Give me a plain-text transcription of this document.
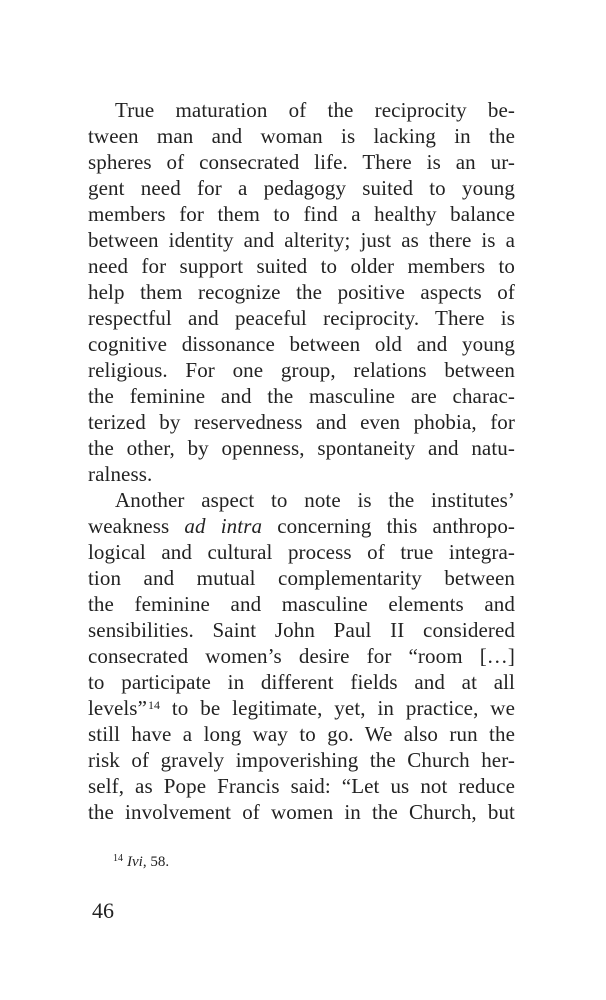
True maturation of the reciprocity be-
tween man and woman is lacking in the
spheres of consecrated life. There is an ur-
gent need for a pedagogy suited to young
members for them to find a healthy balance
between identity and alterity; just as there is a
need for support suited to older members to
help them recognize the positive aspects of
respectful and peaceful reciprocity. There is
cognitive dissonance between old and young
religious. For one group, relations between
the feminine and the masculine are charac-
terized by reservedness and even phobia, for
the other, by openness, spontaneity and natu-
ralness.
Another aspect to note is the institutes’
weakness ad intra concerning this anthropo-
logical and cultural process of true integra-
tion and mutual complementarity between
the feminine and masculine elements and
sensibilities. Saint John Paul II considered
consecrated women’s desire for “room […]
to participate in different fields and at all
levels”$^{14}$ to be legitimate, yet, in practice, we
still have a long way to go. We also run the
risk of gravely impoverishing the Church her-
self, as Pope Francis said: “Let us not reduce
the involvement of women in the Church, but
$^{14}$ Ivi, 58.
46
